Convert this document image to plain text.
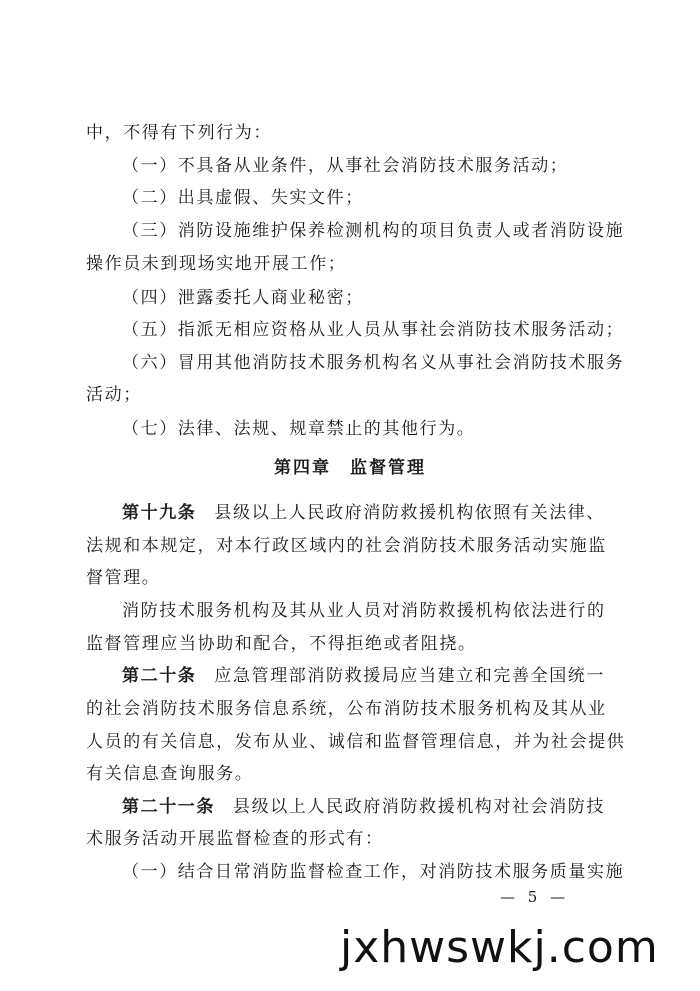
中，不得有下列行为：
（一）不具备从业条件，从事社会消防技术服务活动；
（二）出具虚假、失实文件；
（三）消防设施维护保养检测机构的项目负责人或者消防设施
操作员未到现场实地开展工作；
（四）泄露委托人商业秘密；
（五）指派无相应资格从业人员从事社会消防技术服务活动；
（六）冒用其他消防技术服务机构名义从事社会消防技术服务
活动；
（七）法律、法规、规章禁止的其他行为。
第四章　监督管理
第十九条 县级以上人民政府消防救援机构依照有关法律、
法规和本规定，对本行政区域内的社会消防技术服务活动实施监
督管理。
消防技术服务机构及其从业人员对消防救援机构依法进行的
监督管理应当协助和配合，不得拒绝或者阻挠。
第二十条 应急管理部消防救援局应当建立和完善全国统一
的社会消防技术服务信息系统，公布消防技术服务机构及其从业
人员的有关信息，发布从业、诚信和监督管理信息，并为社会提供
有关信息查询服务。
第二十一条 县级以上人民政府消防救援机构对社会消防技
术服务活动开展监督检查的形式有：
（一）结合日常消防监督检查工作，对消防技术服务质量实施
— 5 —
jxhwswkj.com
